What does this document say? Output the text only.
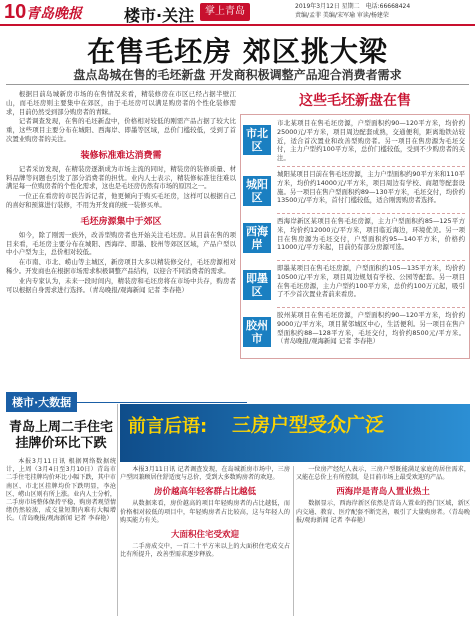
10 青岛晚报	楼市·关注	掌上青岛	2019年3月12日 星期二　电话:66668424
责编/孟菲 美编/宋军瑜 审读/杨建荣
在售毛坯房 郊区挑大梁
盘点岛城在售的毛坯新盘 开发商积极调整产品迎合消费者需求

根据目前岛城新房市场的在售情况来看，精装修房在市区已经占据半壁江山，而毛坯房则主要集中在郊区，由于毛坯房可以满足购房者的个性化装修需求，目前仍然受到部分购房者的青睐。

记者调查发现，在售的毛坯新盘中，价格相对较低的刚需产品占据了较大比重，这些项目主要分布在城阳、西海岸、即墨等区域，总价门槛较低，受到了首次置业购房者的关注。

装修标准难达消费需

记者采访发现，在精装房逐渐成为市场主流的同时，精装房的装修质量、材料品牌等问题也引发了部分消费者的担忧。业内人士表示，精装修标准往往难以满足每一位购房者的个性化需求，这也是毛坯房仍然有市场的原因之一。

一位正在看房的市民告诉记者，他更倾向于购买毛坯房，这样可以根据自己的喜好和预算进行装修，不用为开发商的统一装修买单。

毛坯房源集中于郊区

如今，除了刚需一族外，改善型购房者也开始关注毛坯房。从目前在售的项目来看，毛坯房主要分布在城阳、西海岸、即墨、胶州等郊区区域，产品户型以中小户型为主，总价相对较低。

在市南、市北、崂山等主城区，新房项目大多以精装修交付，毛坯房源相对稀少。开发商也在根据市场需求积极调整产品结构，以迎合不同消费者的需求。

业内专家认为，未来一段时间内，精装房和毛坯房将在市场中共存，购房者可以根据自身需求进行选择。（青岛晚报/观海新闻 记者 李春艳）

这些毛坯新盘在售
市北区
市北某项目在售毛坯房源，户型面积约90—120平方米，均价约25000元/平方米，项目周边配套成熟，交通便利，距离地铁站较近，适合首次置业和改善型购房者。另一项目在售房源为毛坯交付，主力户型约100平方米，总价门槛较低，受到不少购房者的关注。
城阳区
城阳某项目目前在售毛坯房源，主力户型面积约90平方米和110平方米，均价约14000元/平方米，项目周边有学校、商超等配套设施。另一项目在售户型面积约89—130平方米，毛坯交付，均价约13500元/平方米，首付门槛较低，适合刚需购房者选择。
西海岸
西海岸新区某项目在售毛坯房源，主力户型面积约85—125平方米，均价约12000元/平方米，项目临近海边，环境优美。另一项目在售房源为毛坯交付，户型面积约95—140平方米，价格约11000元/平方米起，目前仍有部分房源可选。
即墨区
即墨某项目在售毛坯房源，户型面积约105—135平方米，均价约10500元/平方米，项目周边规划有学校、公园等配套。另一项目在售毛坯房源，主力户型约100平方米，总价约100万元起，吸引了不少首次置业者前来看房。
胶州市
胶州某项目在售毛坯房源，户型面积约90—120平方米，均价约9000元/平方米，项目紧邻城区中心，生活便利。另一项目在售户型面积约88—128平方米，毛坯交付，均价约8500元/平方米。（青岛晚报/观海新闻 记者 李春艳）
楼市·大数据
青岛上周二手住宅挂牌价环比下跌

本报3月11日讯 根据网络数据统计，上周（3月4日至3月10日）青岛市二手住宅挂牌均价环比小幅下跌，其中市南区、市北区挂牌均价下跌明显，李沧区、崂山区则有所上涨。业内人士分析，二手房市场整体保持平稳，购房者观望情绪仍然较浓，成交量短期内难有大幅增长。（青岛晚报/观海新闻 记者 李春艳）

前言后语: 三房户型受众广泛

本报3月11日讯 记者调查发现，在岛城新房市场中，三房户型因兼顾居住舒适度与总价，受到大多数购房者的欢迎。

房价越高年轻客群占比越低

从数据来看，房价越高的项目年轻购房者的占比越低，而价格相对较低的项目中，年轻购房者占比较高，这与年轻人的购买能力有关。

大面积住宅受欢迎

二手房成交中，一百二十平方米以上的大面积住宅成交占比有所提升，改善型需求逐步释放。

一位房产经纪人表示，三房户型既能满足家庭的居住需求，又能在总价上有所控制，是目前市场上最受欢迎的产品。

西海岸是青岛人置业热土

数据显示，西海岸新区依然是青岛人置业的热门区域，新区内交通、教育、医疗配套不断完善，吸引了大量购房者。（青岛晚报/观海新闻 记者 李春艳）
